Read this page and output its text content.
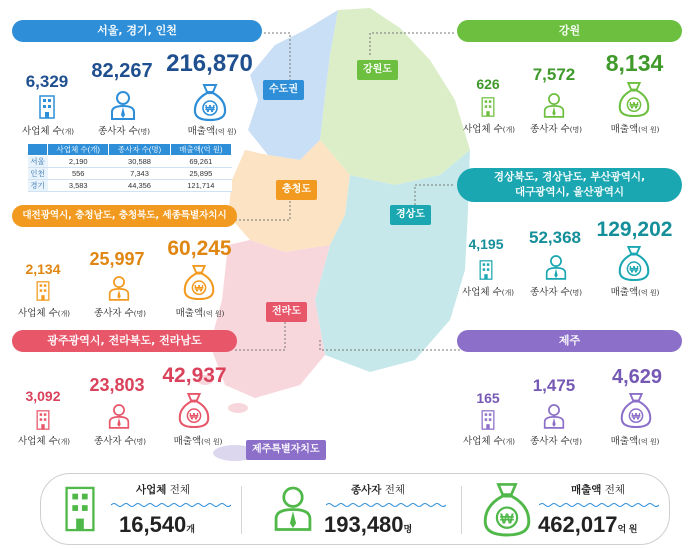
수도권
강원도
충청도
경상도
전라도
제주특별자치도
서울, 경기, 인천
6,329	82,267 216,870
₩
사업체 수(개)	종사자 수(명)	매출액(억 원)
	사업체 수(개)	종사자 수(명)	매출액(억 원)
서울	2,190	30,588	69,261
인천	556	7,343	25,895
경기	3,583	44,356	121,714
강원
626	7,572	8,134
₩
사업체 수(개)	종사자 수(명)	매출액(억 원)
대전광역시, 충청남도, 충청북도, 세종특별자치시
2,134	25,997	60,245
₩
사업체 수(개)	종사자 수(명)	매출액(억 원)
경상북도, 경상남도, 부산광역시,
대구광역시, 울산광역시
4,195	52,368 129,202
₩
사업체 수(개)	종사자 수(명)	매출액(억 원)
광주광역시, 전라북도, 전라남도
3,092
23,803 42,937
₩
사업체 수(개)	종사자 수(명)	매출액(억 원)
제주
165
1,475	4,629
₩
사업체 수(개)	종사자 수(명)	매출액(억 원)
사업체 전체
16,540개
종사자 전체
193,480명
₩
매출액 전체
462,017억 원
